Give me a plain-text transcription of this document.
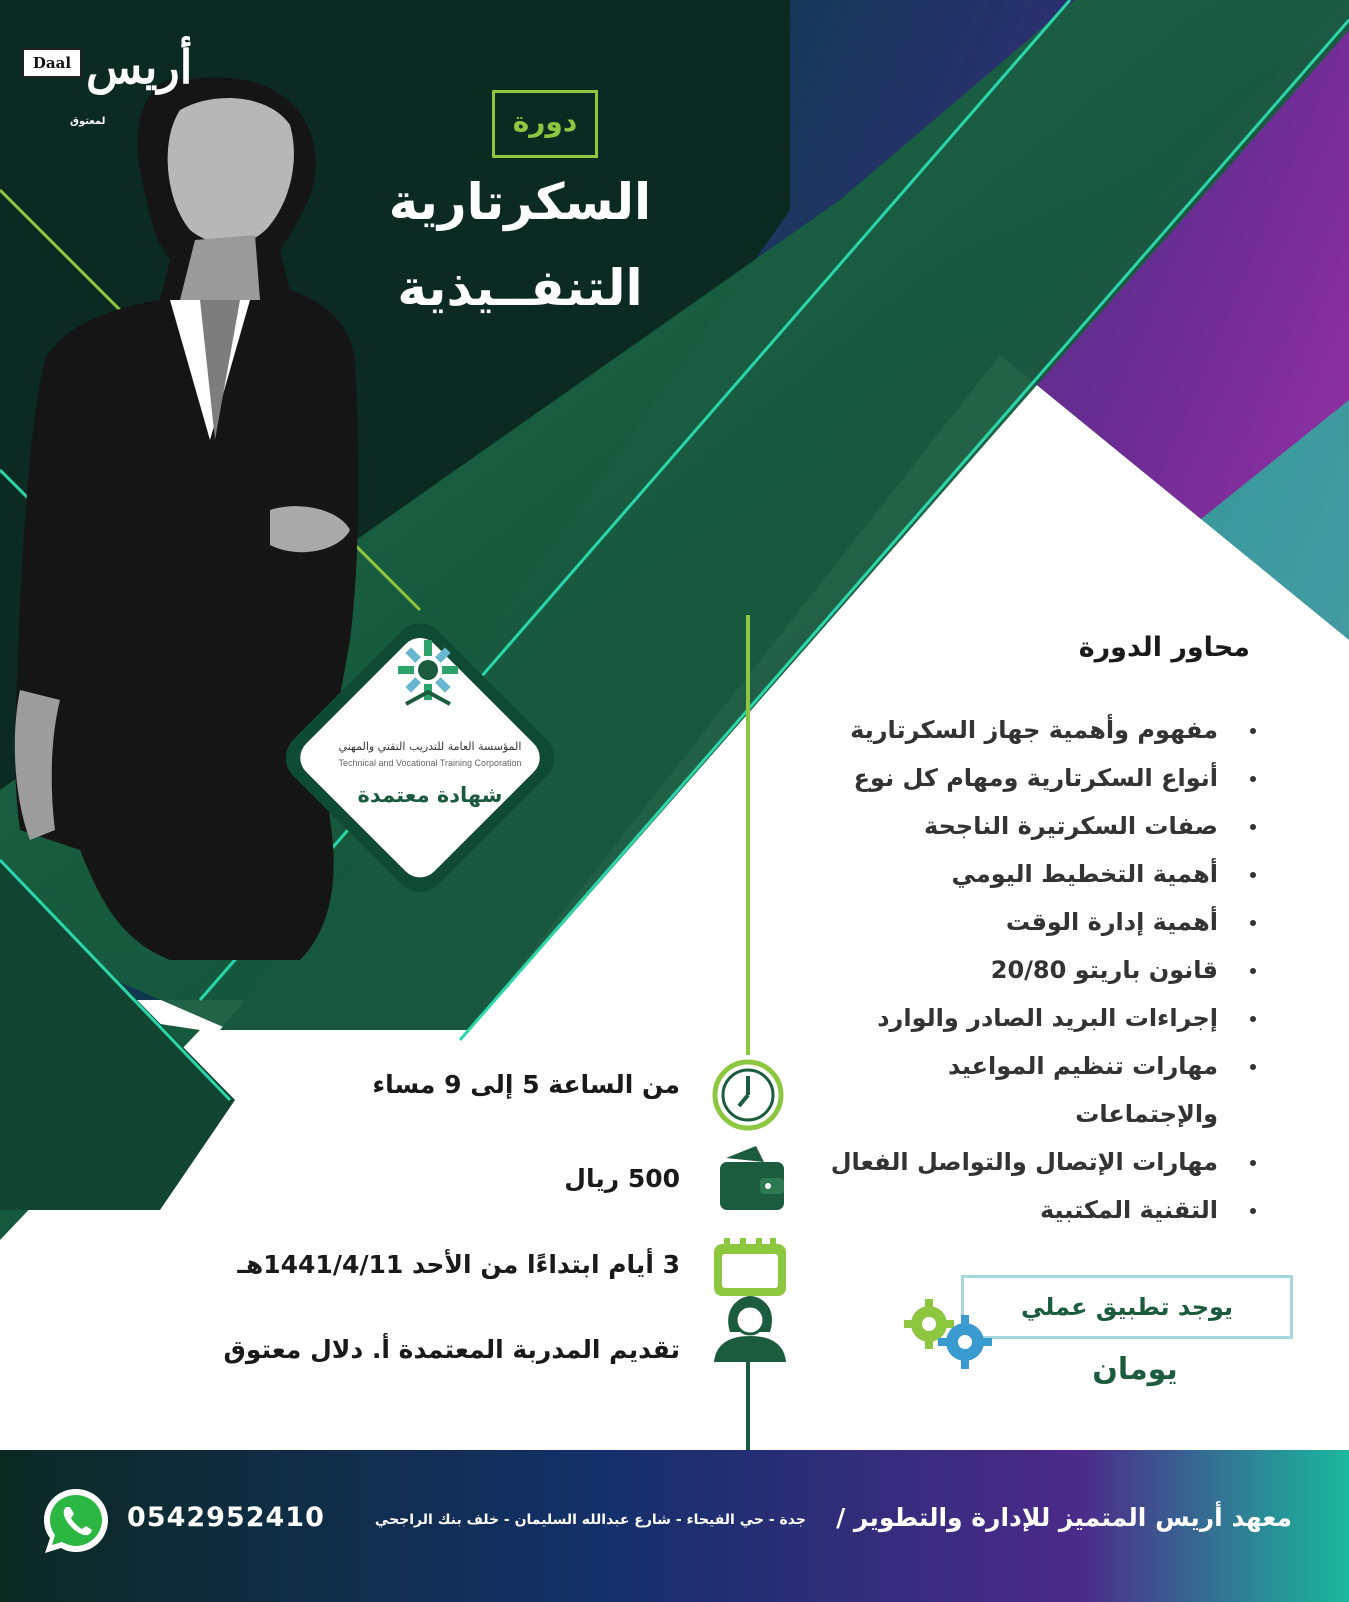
Daal أريس
لمعتوق	دورة
السكرتارية
التنفــيذية
المؤسسة العامة للتدريب التقني والمهني
Technical and Vocational Training Corporation
شهادة معتمدة
محاور الدورة
مفهوم وأهمية جهاز السكرتارية
أنواع السكرتارية ومهام كل نوع
صفات السكرتيرة الناجحة
أهمية التخطيط اليومي
أهمية إدارة الوقت
قانون باريتو 20/80
إجراءات البريد الصادر والوارد
مهارات تنظيم المواعيد
والإجتماعات
مهارات الإتصال والتواصل الفعال
التقنية المكتبية
من الساعة 5 إلى 9 مساء
500 ريال
3 أيام ابتداءًا من الأحد 1441/4/11هـ
تقديم المدربة المعتمدة أ. دلال معتوق
يوجد تطبيق عملي
يومان
معهد أريس المتميز للإدارة والتطوير /
جدة - حي الفيحاء - شارع عبدالله السليمان - خلف بنك الراجحي
0542952410
